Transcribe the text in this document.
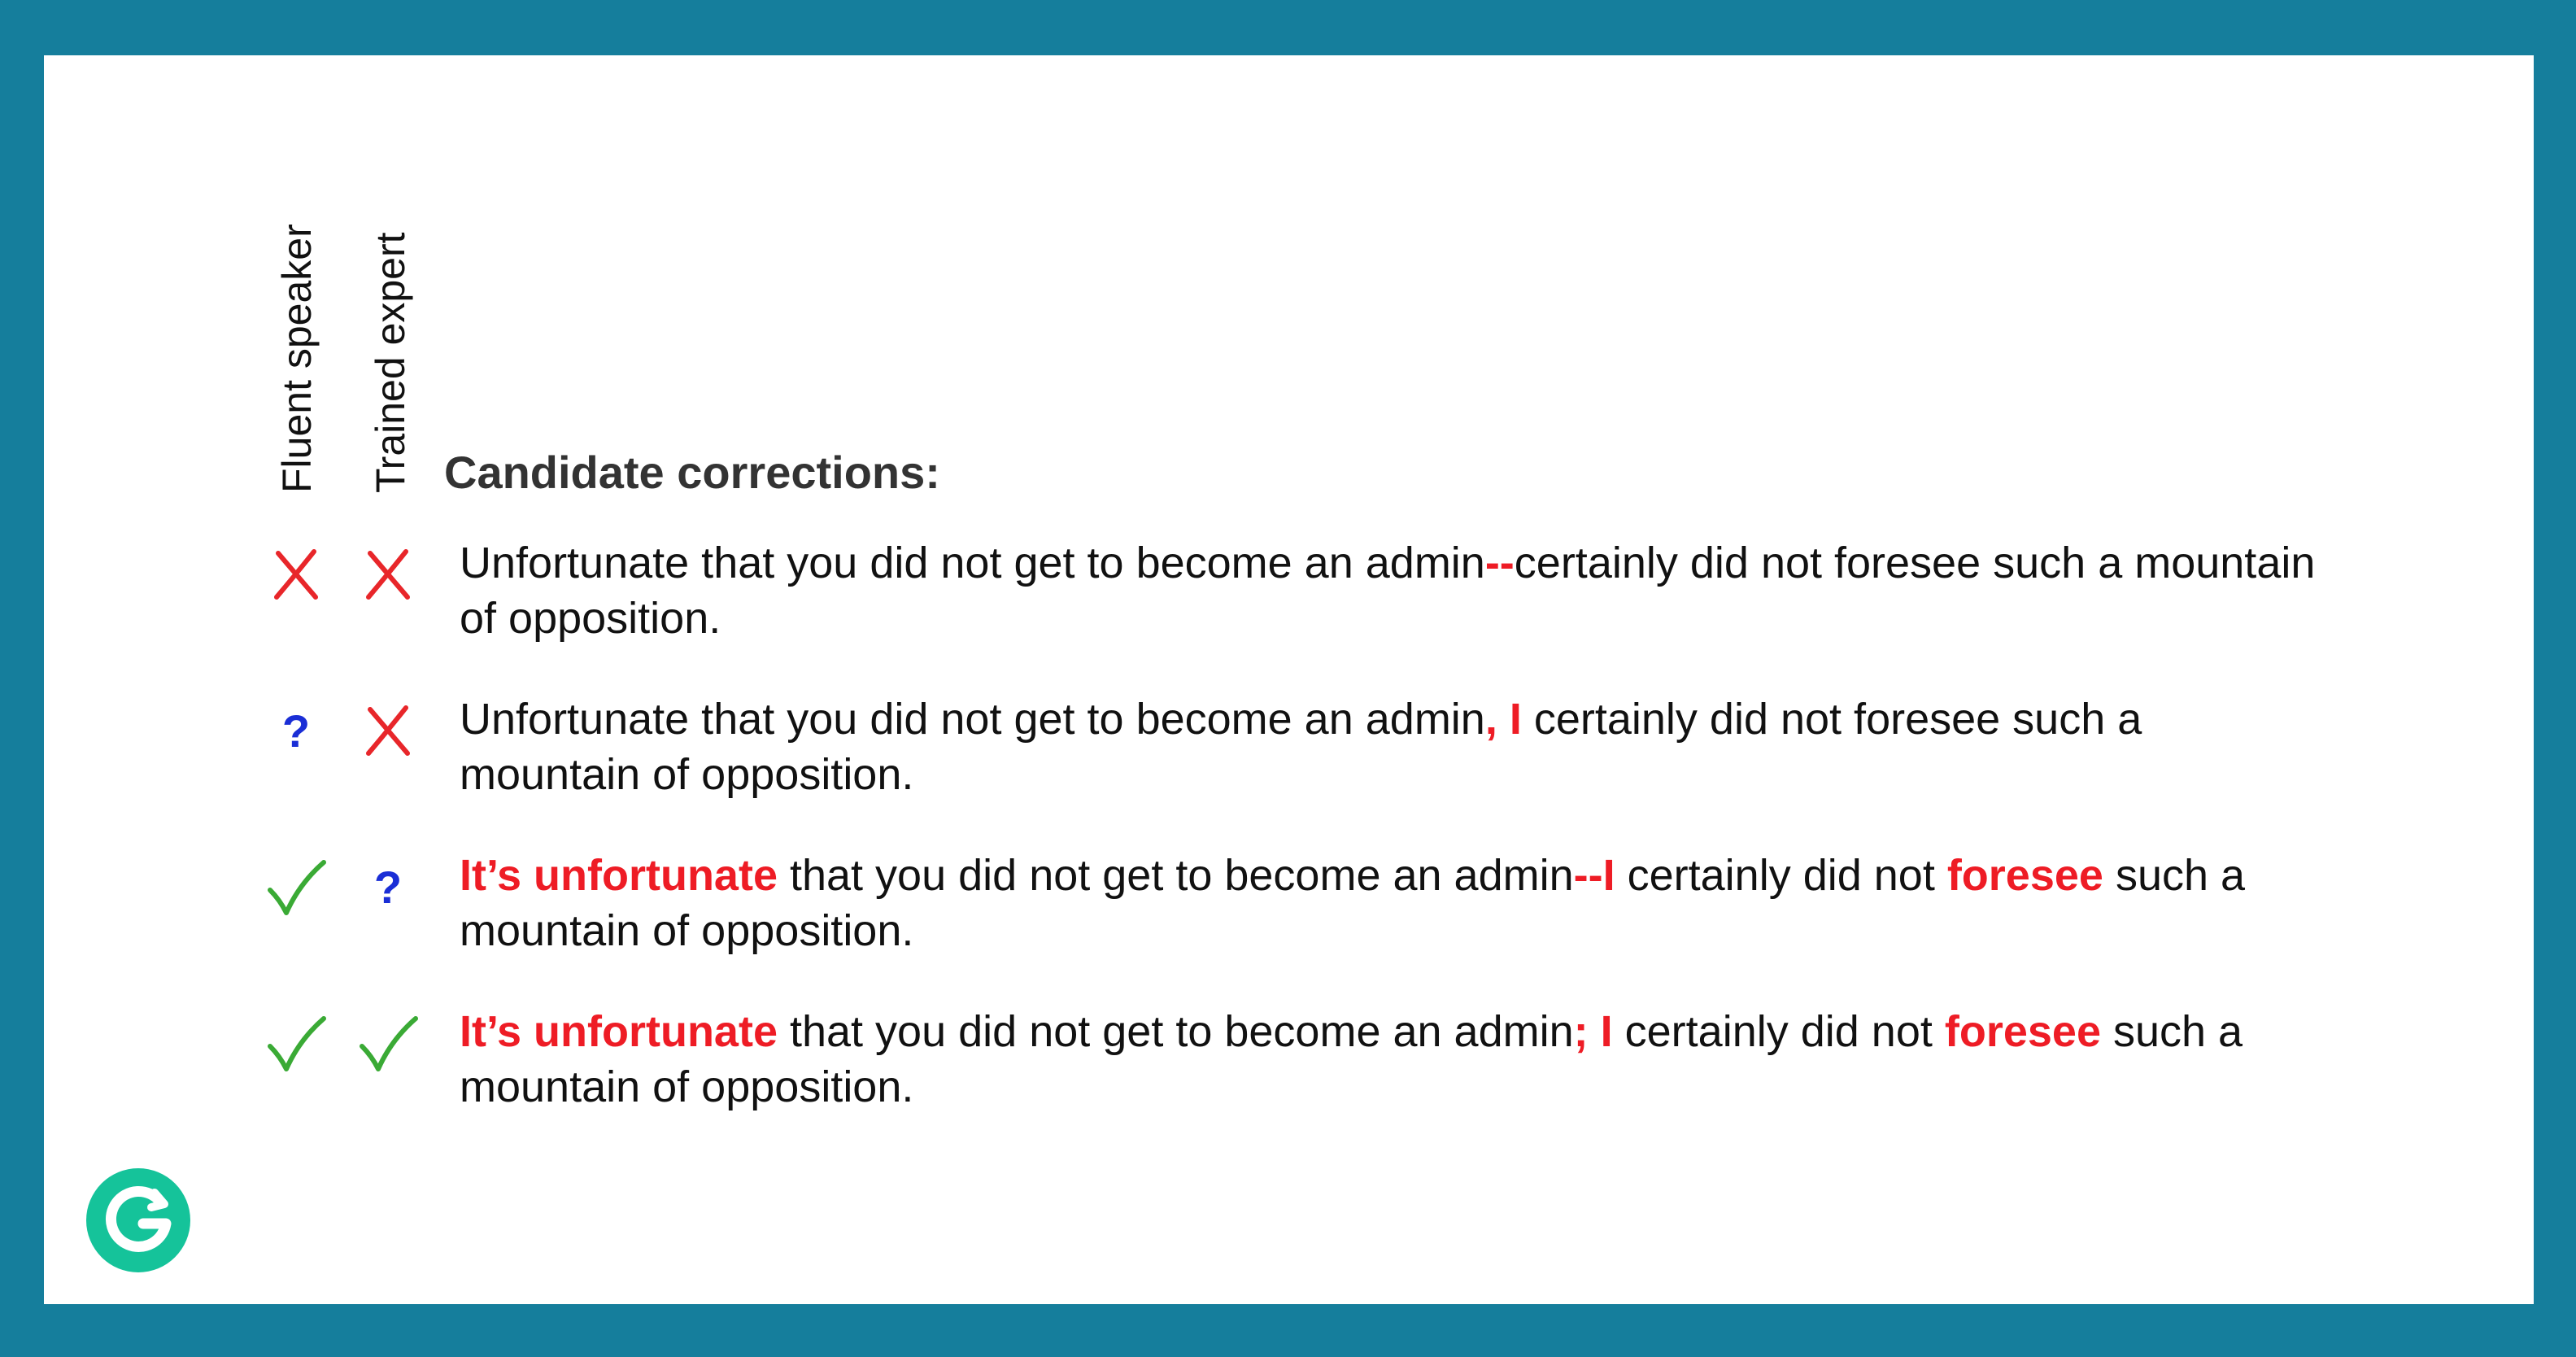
Fluent speaker Trained expert Candidate corrections:
Unfortunate that you did not get to become an admin--certainly did not foresee such a mountain of opposition.
?	Unfortunate that you did not get to become an admin, I certainly did not foresee such a mountain of opposition.
? It’s unfortunate that you did not get to become an admin--I certainly did not foresee such a mountain of opposition.
It’s unfortunate that you did not get to become an admin; I certainly did not foresee such a mountain of opposition.
